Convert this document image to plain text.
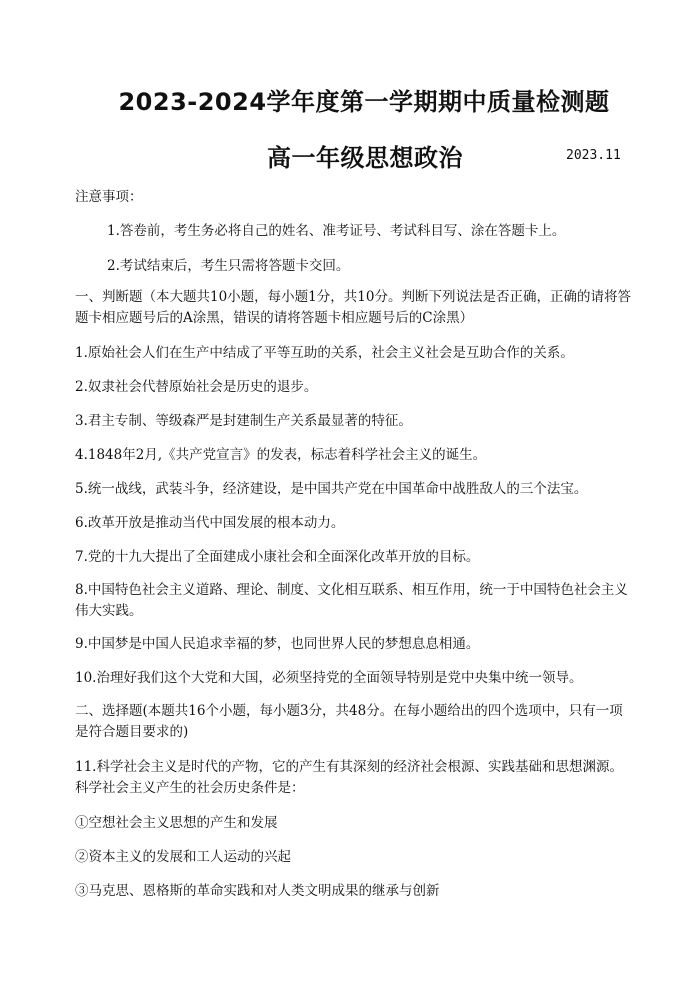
2023-2024学年度第一学期期中质量检测题
高一年级思想政治	2023.11
注意事项：
1.答卷前，考生务必将自己的姓名、准考证号、考试科目写、涂在答题卡上。
2.考试结束后，考生只需将答题卡交回。
一、判断题（本大题共10小题，每小题1分，共10分。判断下列说法是否正确，正确的请将答题卡相应题号后的A涂黑，错误的请将答题卡相应题号后的C涂黑）
1.原始社会人们在生产中结成了平等互助的关系，社会主义社会是互助合作的关系。
2.奴隶社会代替原始社会是历史的退步。
3.君主专制、等级森严是封建制生产关系最显著的特征。
4.1848年2月,《共产党宣言》的发表，标志着科学社会主义的诞生。
5.统一战线，武装斗争，经济建设，是中国共产党在中国革命中战胜敌人的三个法宝。
6.改革开放是推动当代中国发展的根本动力。
7.党的十九大提出了全面建成小康社会和全面深化改革开放的目标。
8.中国特色社会主义道路、理论、制度、文化相互联系、相互作用，统一于中国特色社会主义伟大实践。
9.中国梦是中国人民追求幸福的梦，也同世界人民的梦想息息相通。
10.治理好我们这个大党和大国，必须坚持党的全面领导特别是党中央集中统一领导。
二、选择题(本题共16个小题，每小题3分，共48分。在每小题给出的四个选项中，只有一项是符合题目要求的)
11.科学社会主义是时代的产物，它的产生有其深刻的经济社会根源、实践基础和思想渊源。科学社会主义产生的社会历史条件是：
①空想社会主义思想的产生和发展
②资本主义的发展和工人运动的兴起
③马克思、恩格斯的革命实践和对人类文明成果的继承与创新
